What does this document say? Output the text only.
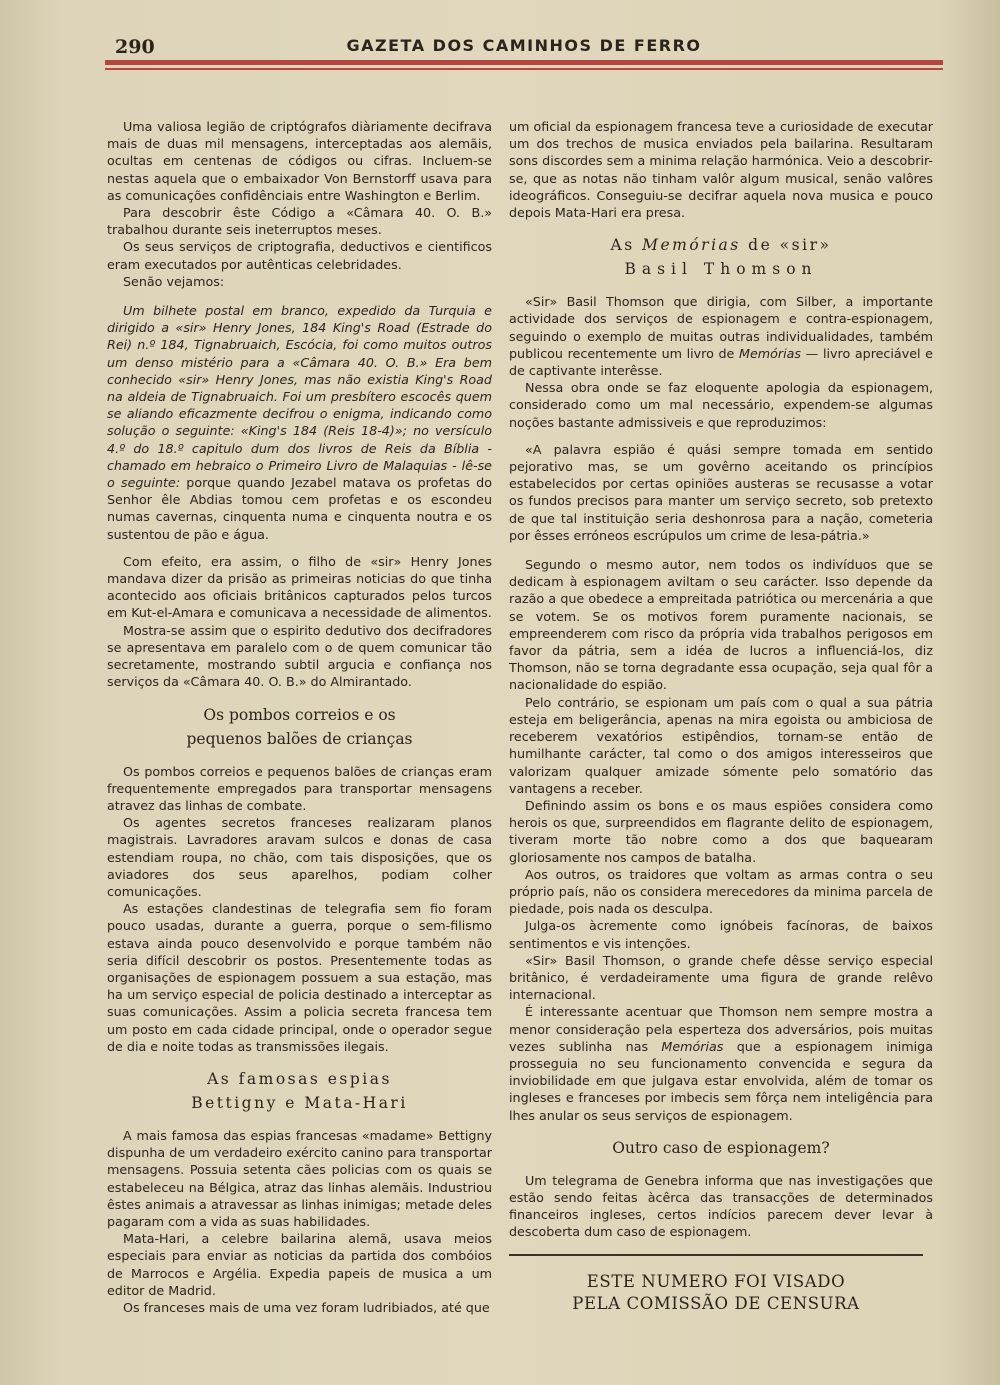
290	GAZETA DOS CAMINHOS DE FERRO

Uma valiosa legião de criptógrafos diàriamente decifrava mais de duas mil mensagens, interceptadas aos alemãis, ocultas em centenas de códigos ou cifras. Incluem-se nestas aquela que o embaixador Von Bernstorff usava para as comunicações confidênciais entre Washington e Berlim.

Para descobrir êste Código a «Câmara 40. O. B.» trabalhou durante seis ineterruptos meses.

Os seus serviços de criptografia, deductivos e cientificos eram executados por autênticas celebridades.

Senão vejamos:

Um bilhete postal em branco, expedido da Turquia e dirigido a «sir» Henry Jones, 184 King's Road (Estrade do Rei) n.º 184, Tignabruaich, Escócia, foi como muitos outros um denso mistério para a «Câmara 40. O. B.» Era bem conhecido «sir» Henry Jones, mas não existia King's Road na aldeia de Tignabruaich. Foi um presbítero escocês quem se aliando eficazmente decifrou o enigma, indicando como solução o seguinte: «King's 184 (Reis 18-4)»; no versículo 4.º do 18.º capitulo dum dos livros de Reis da Bíblia - chamado em hebraico o Primeiro Livro de Malaquias - lê-se o seguinte: porque quando Jezabel matava os profetas do Senhor êle Abdias tomou cem profetas e os escondeu numas cavernas, cinquenta numa e cinquenta noutra e os sustentou de pão e água.

Com efeito, era assim, o filho de «sir» Henry Jones mandava dizer da prisão as primeiras noticias do que tinha acontecido aos oficiais britânicos capturados pelos turcos em Kut-el-Amara e comunicava a necessidade de alimentos.

Mostra-se assim que o espirito dedutivo dos decifradores se apresentava em paralelo com o de quem comunicar tão secretamente, mostrando subtil argucia e confiança nos serviços da «Câmara 40. O. B.» do Almirantado.

Os pombos correios e os
pequenos balões de crianças

Os pombos correios e pequenos balões de crianças eram frequentemente empregados para transportar mensagens atravez das linhas de combate.

Os agentes secretos franceses realizaram planos magistrais. Lavradores aravam sulcos e donas de casa estendiam roupa, no chão, com tais disposições, que os aviadores dos seus aparelhos, podiam colher comunicações.

As estações clandestinas de telegrafia sem fio foram pouco usadas, durante a guerra, porque o sem-filismo estava ainda pouco desenvolvido e porque também não seria difícil descobrir os postos. Presentemente todas as organisações de espionagem possuem a sua estação, mas ha um serviço especial de policia destinado a interceptar as suas comunicações. Assim a policia secreta francesa tem um posto em cada cidade principal, onde o operador segue de dia e noite todas as transmissões ilegais.

As famosas espias
Bettigny e Mata-Hari

A mais famosa das espias francesas «madame» Bettigny dispunha de um verdadeiro exército canino para transportar mensagens. Possuia setenta cães policias com os quais se estabeleceu na Bélgica, atraz das linhas alemãis. Industriou êstes animais a atravessar as linhas inimigas; metade deles pagaram com a vida as suas habilidades.

Mata-Hari, a celebre bailarina alemã, usava meios especiais para enviar as noticias da partida dos combóios de Marrocos e Argélia. Expedia papeis de musica a um editor de Madrid.

Os franceses mais de uma vez foram ludribiados, até que

um oficial da espionagem francesa teve a curiosidade de executar um dos trechos de musica enviados pela bailarina. Resultaram sons discordes sem a minima relação harmónica. Veio a descobrir-se, que as notas não tinham valôr algum musical, senão valôres ideográficos. Conseguiu-se decifrar aquela nova musica e pouco depois Mata-Hari era presa.

As Memórias de «sir»
Basil Thomson

«Sir» Basil Thomson que dirigia, com Silber, a importante actividade dos serviços de espionagem e contra-espionagem, seguindo o exemplo de muitas outras individualidades, também publicou recentemente um livro de Memórias — livro apreciável e de captivante interêsse.

Nessa obra onde se faz eloquente apologia da espionagem, considerado como um mal necessário, expendem-se algumas noções bastante admissiveis e que reproduzimos:

«A palavra espião é quási sempre tomada em sentido pejorativo mas, se um govêrno aceitando os princípios estabelecidos por certas opiniões austeras se recusasse a votar os fundos precisos para manter um serviço secreto, sob pretexto de que tal instituição seria deshonrosa para a nação, cometeria por êsses erróneos escrúpulos um crime de lesa-pátria.»

Segundo o mesmo autor, nem todos os indivíduos que se dedicam à espionagem aviltam o seu carácter. Isso depende da razão a que obedece a empreitada patriótica ou mercenária a que se votem. Se os motivos forem puramente nacionais, se empreenderem com risco da própria vida trabalhos perigosos em favor da pátria, sem a idéa de lucros a influenciá-los, diz Thomson, não se torna degradante essa ocupação, seja qual fôr a nacionalidade do espião.

Pelo contrário, se espionam um país com o qual a sua pátria esteja em beligerância, apenas na mira egoista ou ambiciosa de receberem vexatórios estipêndios, tornam-se então de humilhante carácter, tal como o dos amigos interesseiros que valorizam qualquer amizade sómente pelo somatório das vantagens a receber.

Definindo assim os bons e os maus espiões considera como herois os que, surpreendidos em flagrante delito de espionagem, tiveram morte tão nobre como a dos que baquearam gloriosamente nos campos de batalha.

Aos outros, os traidores que voltam as armas contra o seu próprio país, não os considera merecedores da minima parcela de piedade, pois nada os desculpa.

Julga-os àcremente como ignóbeis facínoras, de baixos sentimentos e vis intenções.

«Sir» Basil Thomson, o grande chefe dêsse serviço especial britânico, é verdadeiramente uma figura de grande relêvo internacional.

É interessante acentuar que Thomson nem sempre mostra a menor consideração pela esperteza dos adversários, pois muitas vezes sublinha nas Memórias que a espionagem inimiga prosseguia no seu funcionamento convencida e segura da inviobilidade em que julgava estar envolvida, além de tomar os ingleses e franceses por imbecis sem fôrça nem inteligência para lhes anular os seus serviços de espionagem.

Outro caso de espionagem?

Um telegrama de Genebra informa que nas investigações que estão sendo feitas àcêrca das transacções de determinados financeiros ingleses, certos indícios parecem dever levar à descoberta dum caso de espionagem.

ESTE NUMERO FOI VISADO
PELA COMISSÃO DE CENSURA
